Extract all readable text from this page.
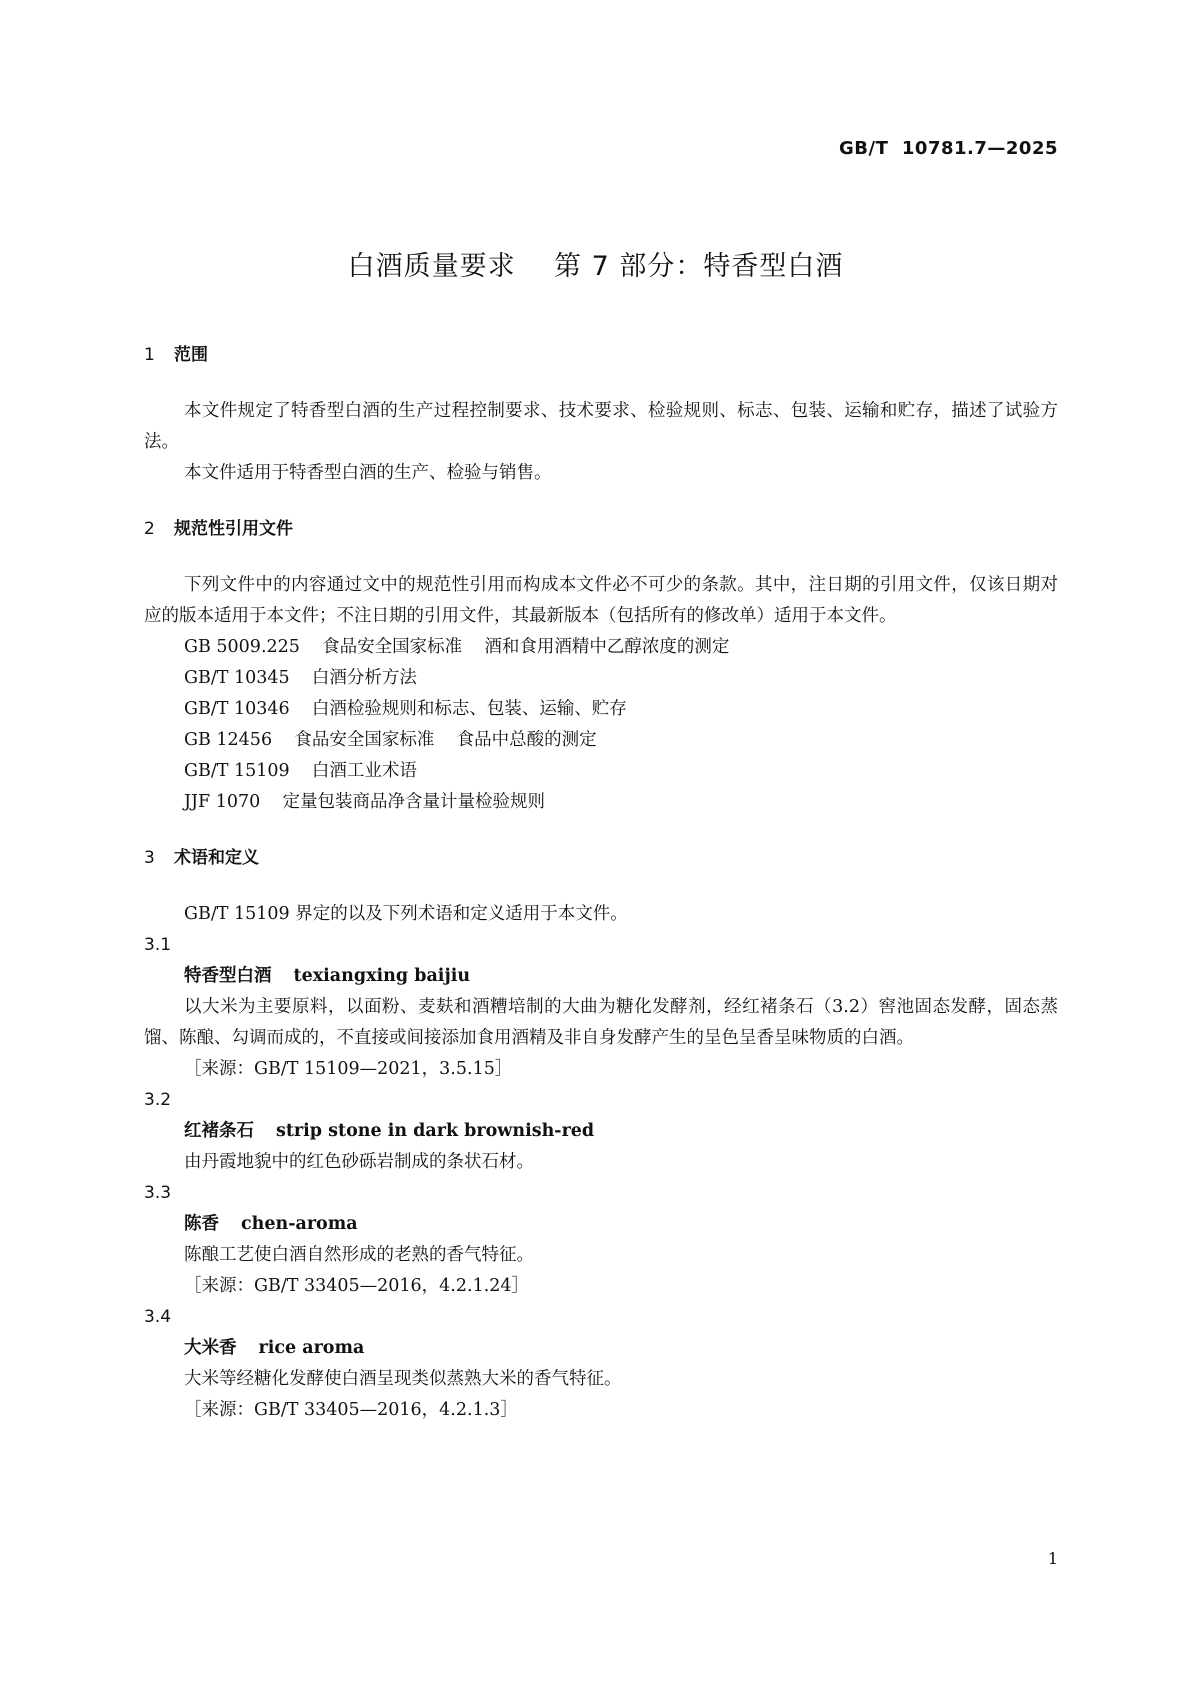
GB/T  10781.7—2025
白酒质量要求    第 7 部分：特香型白酒
1 范围

本文件规定了特香型白酒的生产过程控制要求、技术要求、检验规则、标志、包装、运输和贮存，描述了试验方法。

本文件适用于特香型白酒的生产、检验与销售。

2 规范性引用文件

下列文件中的内容通过文中的规范性引用而构成本文件必不可少的条款。其中，注日期的引用文件，仅该日期对应的版本适用于本文件；不注日期的引用文件，其最新版本（包括所有的修改单）适用于本文件。

GB 5009.225    食品安全国家标准    酒和食用酒精中乙醇浓度的测定
GB/T 10345    白酒分析方法
GB/T 10346    白酒检验规则和标志、包装、运输、贮存
GB 12456    食品安全国家标准    食品中总酸的测定
GB/T 15109    白酒工业术语
JJF 1070    定量包装商品净含量计量检验规则
3 术语和定义

GB/T 15109 界定的以及下列术语和定义适用于本文件。

3.1
特香型白酒 texiangxing baijiu

以大米为主要原料，以面粉、麦麸和酒糟培制的大曲为糖化发酵剂，经红褚条石（3.2）窖池固态发酵，固态蒸馏、陈酿、勾调而成的，不直接或间接添加食用酒精及非自身发酵产生的呈色呈香呈味物质的白酒。

［来源：GB/T 15109—2021，3.5.15］
3.2
红褚条石 strip stone in dark brownish-red

由丹霞地貌中的红色砂砾岩制成的条状石材。

3.3
陈香 chen-aroma

陈酿工艺使白酒自然形成的老熟的香气特征。

［来源：GB/T 33405—2016，4.2.1.24］
3.4
大米香 rice aroma

大米等经糖化发酵使白酒呈现类似蒸熟大米的香气特征。

［来源：GB/T 33405—2016，4.2.1.3］
1
